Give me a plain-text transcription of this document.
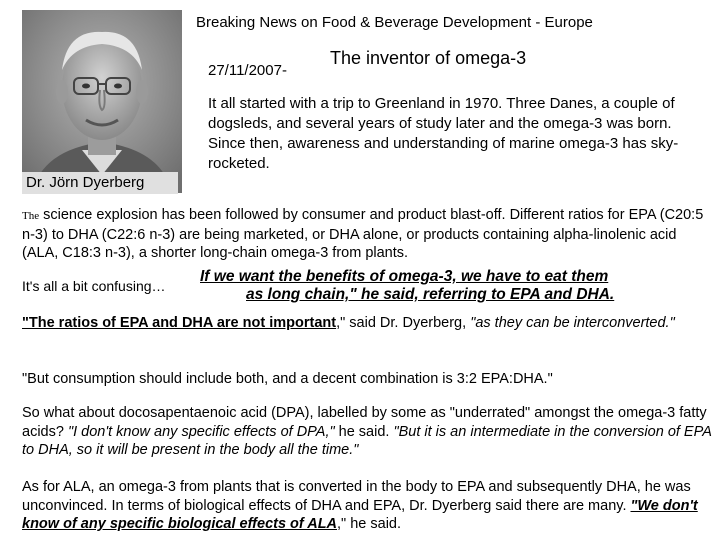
Breaking News on Food & Beverage Development - Europe
Dr. Jörn Dyerberg
27/11/2007-
The inventor of omega-3
It all started with a trip to Greenland in 1970. Three Danes, a couple of dogsleds, and several years of study later and the omega-3 was born. Since then, awareness and understanding of marine omega-3 has sky-rocketed.
The science explosion has been followed by consumer and product blast-off. Different ratios for EPA (C20:5 n-3) to DHA (C22:6 n-3) are being marketed, or DHA alone, or products containing alpha-linolenic acid (ALA, C18:3 n-3), a shorter long-chain omega-3 from plants.
It's all a bit confusing…
If we want the benefits of omega-3, we have to eat them
as long chain," he said, referring to EPA and DHA.
"The ratios of EPA and DHA are not important," said Dr. Dyerberg, "as they can be interconverted."
"But consumption should include both, and a decent combination is 3:2 EPA:DHA."
So what about docosapentaenoic acid (DPA), labelled by some as "underrated" amongst the omega-3 fatty acids? "I don't know any specific effects of DPA," he said. "But it is an intermediate in the conversion of EPA to DHA, so it will be present in the body all the time."
As for ALA, an omega-3 from plants that is converted in the body to EPA and subsequently DHA, he was unconvinced. In terms of biological effects of DHA and EPA, Dr. Dyerberg said there are many. "We don't know of any specific biological effects of ALA," he said.
